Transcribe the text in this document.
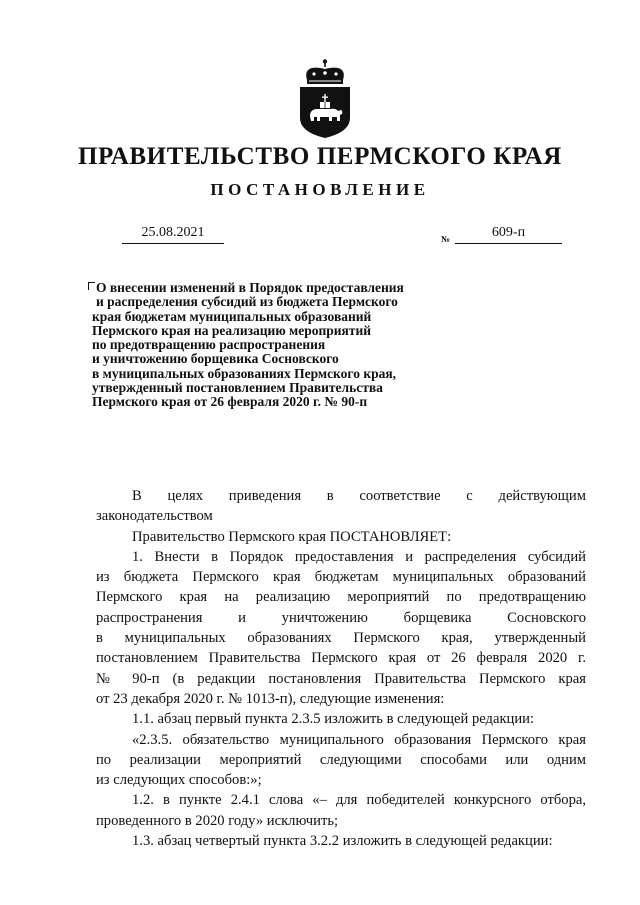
ПРАВИТЕЛЬСТВО ПЕРМСКОГО КРАЯ
ПОСТАНОВЛЕНИЕ
25.08.2021	№	609-п
О внесении изменений в Порядок предоставления
и распределения субсидий из бюджета Пермского
края бюджетам муниципальных образований
Пермского края на реализацию мероприятий
по предотвращению распространения
и уничтожению борщевика Сосновского
в муниципальных образованиях Пермского края,
утвержденный постановлением Правительства
Пермского края от 26 февраля 2020 г. № 90-п
В целях приведения в соответствие с действующим
законодательством
Правительство Пермского края ПОСТАНОВЛЯЕТ:
1. Внести в Порядок предоставления и распределения субсидий
из бюджета Пермского края бюджетам муниципальных образований
Пермского края на реализацию мероприятий по предотвращению
распространения и уничтожению борщевика Сосновского
в муниципальных образованиях Пермского края, утвержденный
постановлением Правительства Пермского края от 26 февраля 2020 г.
№ 90-п (в редакции постановления Правительства Пермского края
от 23 декабря 2020 г. № 1013-п), следующие изменения:
1.1. абзац первый пункта 2.3.5 изложить в следующей редакции:
«2.3.5. обязательство муниципального образования Пермского края
по реализации мероприятий следующими способами или одним
из следующих способов:»;
1.2. в пункте 2.4.1 слова «– для победителей конкурсного отбора,
проведенного в 2020 году» исключить;
1.3. абзац четвертый пункта 3.2.2 изложить в следующей редакции:
